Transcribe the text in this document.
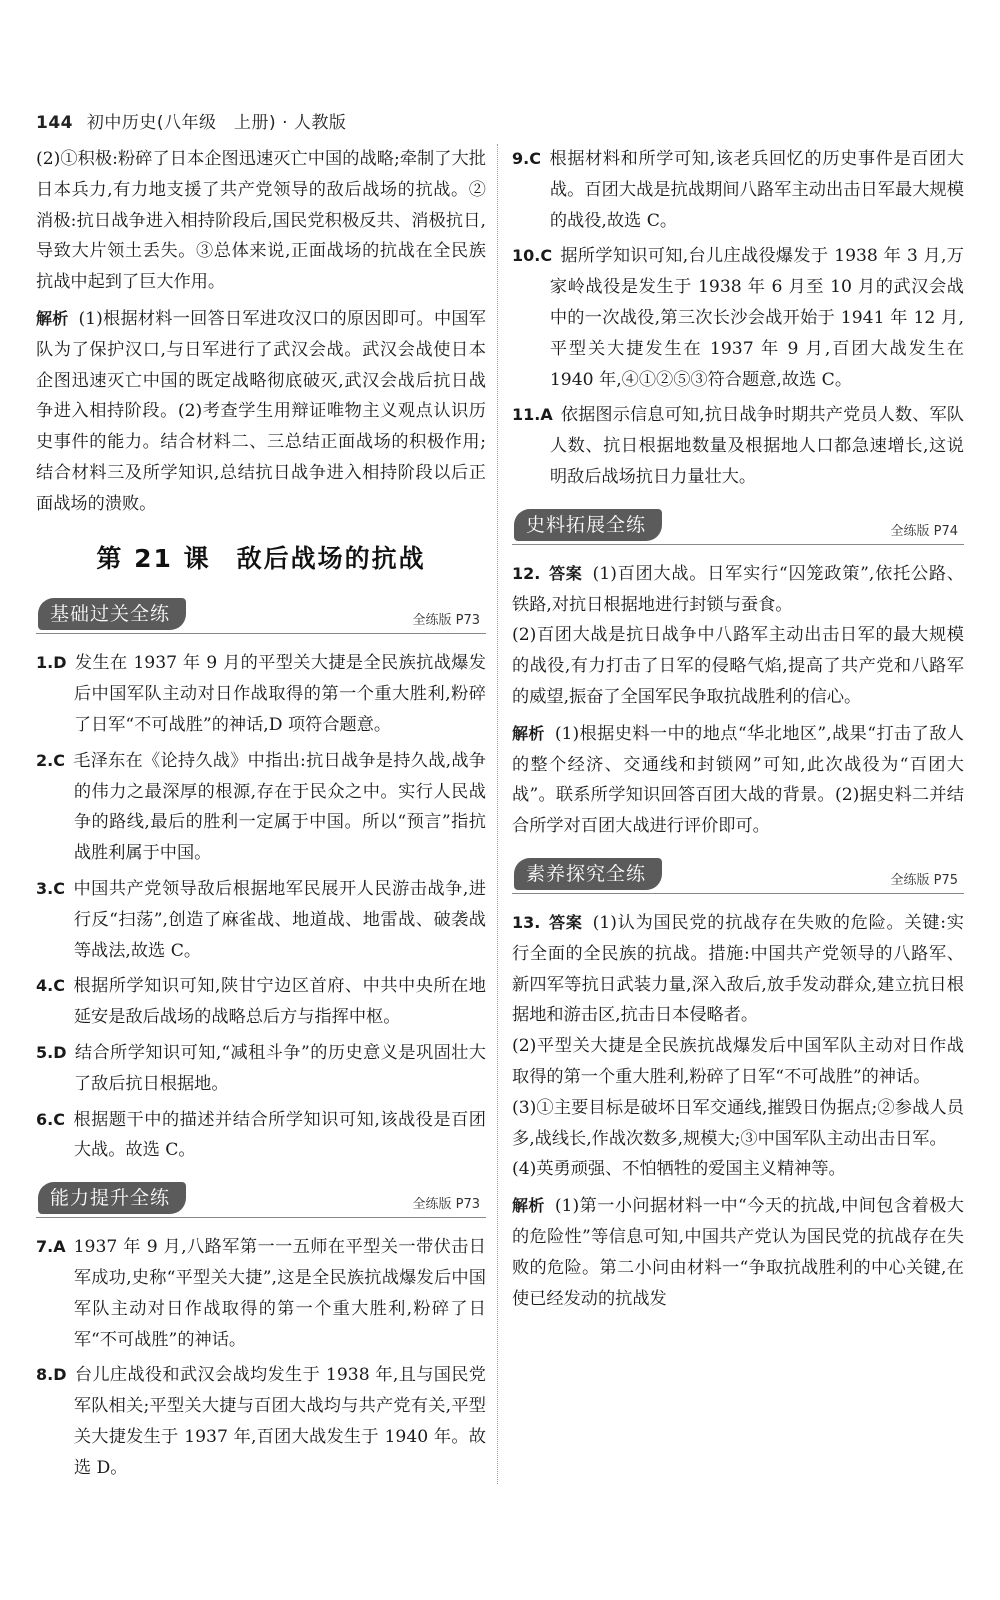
144 初中历史(八年级　上册) · 人教版

(2)①积极:粉碎了日本企图迅速灭亡中国的战略;牵制了大批日本兵力,有力地支援了共产党领导的敌后战场的抗战。②消极:抗日战争进入相持阶段后,国民党积极反共、消极抗日,导致大片领土丢失。③总体来说,正面战场的抗战在全民族抗战中起到了巨大作用。

解析 (1)根据材料一回答日军进攻汉口的原因即可。中国军队为了保护汉口,与日军进行了武汉会战。武汉会战使日本企图迅速灭亡中国的既定战略彻底破灭,武汉会战后抗日战争进入相持阶段。(2)考查学生用辩证唯物主义观点认识历史事件的能力。结合材料二、三总结正面战场的积极作用;结合材料三及所学知识,总结抗日战争进入相持阶段以后正面战场的溃败。

第 21 课 敌后战场的抗战
基础过关全练	全练版 P73

1.D 发生在 1937 年 9 月的平型关大捷是全民族抗战爆发后中国军队主动对日作战取得的第一个重大胜利,粉碎了日军“不可战胜”的神话,D 项符合题意。

2.C 毛泽东在《论持久战》中指出:抗日战争是持久战,战争的伟力之最深厚的根源,存在于民众之中。实行人民战争的路线,最后的胜利一定属于中国。所以“预言”指抗战胜利属于中国。

3.C 中国共产党领导敌后根据地军民展开人民游击战争,进行反“扫荡”,创造了麻雀战、地道战、地雷战、破袭战等战法,故选 C。

4.C 根据所学知识可知,陕甘宁边区首府、中共中央所在地延安是敌后战场的战略总后方与指挥中枢。

5.D 结合所学知识可知,“减租斗争”的历史意义是巩固壮大了敌后抗日根据地。

6.C 根据题干中的描述并结合所学知识可知,该战役是百团大战。故选 C。

能力提升全练	全练版 P73

7.A 1937 年 9 月,八路军第一一五师在平型关一带伏击日军成功,史称“平型关大捷”,这是全民族抗战爆发后中国军队主动对日作战取得的第一个重大胜利,粉碎了日军“不可战胜”的神话。

8.D 台儿庄战役和武汉会战均发生于 1938 年,且与国民党军队相关;平型关大捷与百团大战均与共产党有关,平型关大捷发生于 1937 年,百团大战发生于 1940 年。故选 D。

9.C 根据材料和所学可知,该老兵回忆的历史事件是百团大战。百团大战是抗战期间八路军主动出击日军最大规模的战役,故选 C。

10.C 据所学知识可知,台儿庄战役爆发于 1938 年 3 月,万家岭战役是发生于 1938 年 6 月至 10 月的武汉会战中的一次战役,第三次长沙会战开始于 1941 年 12 月,平型关大捷发生在 1937 年 9 月,百团大战发生在 1940 年,④①②⑤③符合题意,故选 C。

11.A 依据图示信息可知,抗日战争时期共产党员人数、军队人数、抗日根据地数量及根据地人口都急速增长,这说明敌后战场抗日力量壮大。

史料拓展全练	全练版 P74

12. 答案 (1)百团大战。日军实行“囚笼政策”,依托公路、铁路,对抗日根据地进行封锁与蚕食。

(2)百团大战是抗日战争中八路军主动出击日军的最大规模的战役,有力打击了日军的侵略气焰,提高了共产党和八路军的威望,振奋了全国军民争取抗战胜利的信心。

解析 (1)根据史料一中的地点“华北地区”,战果“打击了敌人的整个经济、交通线和封锁网”可知,此次战役为“百团大战”。联系所学知识回答百团大战的背景。(2)据史料二并结合所学对百团大战进行评价即可。

素养探究全练	全练版 P75

13. 答案 (1)认为国民党的抗战存在失败的危险。关键:实行全面的全民族的抗战。措施:中国共产党领导的八路军、新四军等抗日武装力量,深入敌后,放手发动群众,建立抗日根据地和游击区,抗击日本侵略者。

(2)平型关大捷是全民族抗战爆发后中国军队主动对日作战取得的第一个重大胜利,粉碎了日军“不可战胜”的神话。

(3)①主要目标是破坏日军交通线,摧毁日伪据点;②参战人员多,战线长,作战次数多,规模大;③中国军队主动出击日军。

(4)英勇顽强、不怕牺牲的爱国主义精神等。

解析 (1)第一小问据材料一中“今天的抗战,中间包含着极大的危险性”等信息可知,中国共产党认为国民党的抗战存在失败的危险。第二小问由材料一“争取抗战胜利的中心关键,在使已经发动的抗战发
